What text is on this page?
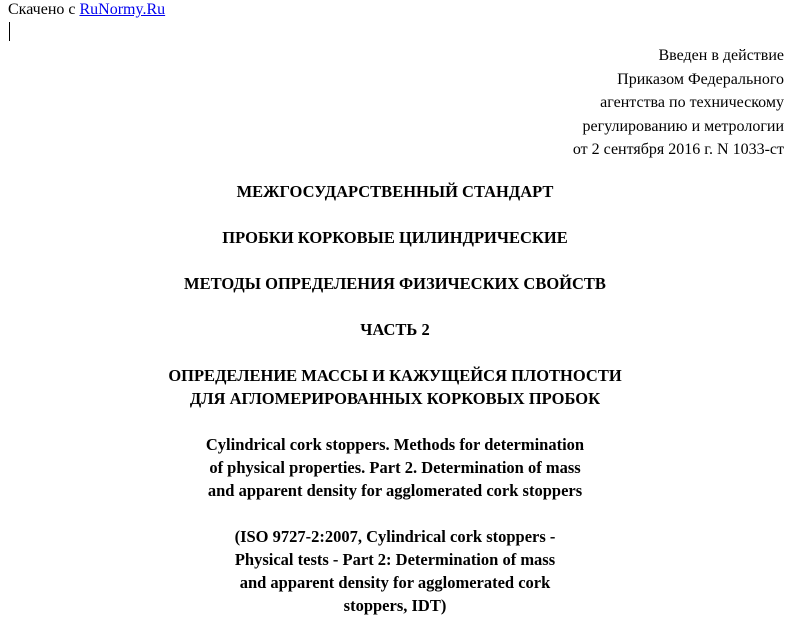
Скачено с RuNormy.Ru
Введен в действие
Приказом Федерального
агентства по техническому
регулированию и метрологии
от 2 сентября 2016 г. N 1033-ст
МЕЖГОСУДАРСТВЕННЫЙ СТАНДАРТ
ПРОБКИ КОРКОВЫЕ ЦИЛИНДРИЧЕСКИЕ
МЕТОДЫ ОПРЕДЕЛЕНИЯ ФИЗИЧЕСКИХ СВОЙСТВ
ЧАСТЬ 2
ОПРЕДЕЛЕНИЕ МАССЫ И КАЖУЩЕЙСЯ ПЛОТНОСТИ
ДЛЯ АГЛОМЕРИРОВАННЫХ КОРКОВЫХ ПРОБОК
Cylindrical cork stoppers. Methods for determination
of physical properties. Part 2. Determination of mass
and apparent density for agglomerated cork stoppers
(ISO 9727-2:2007, Cylindrical cork stoppers -
Physical tests - Part 2: Determination of mass
and apparent density for agglomerated cork
stoppers, IDT)
